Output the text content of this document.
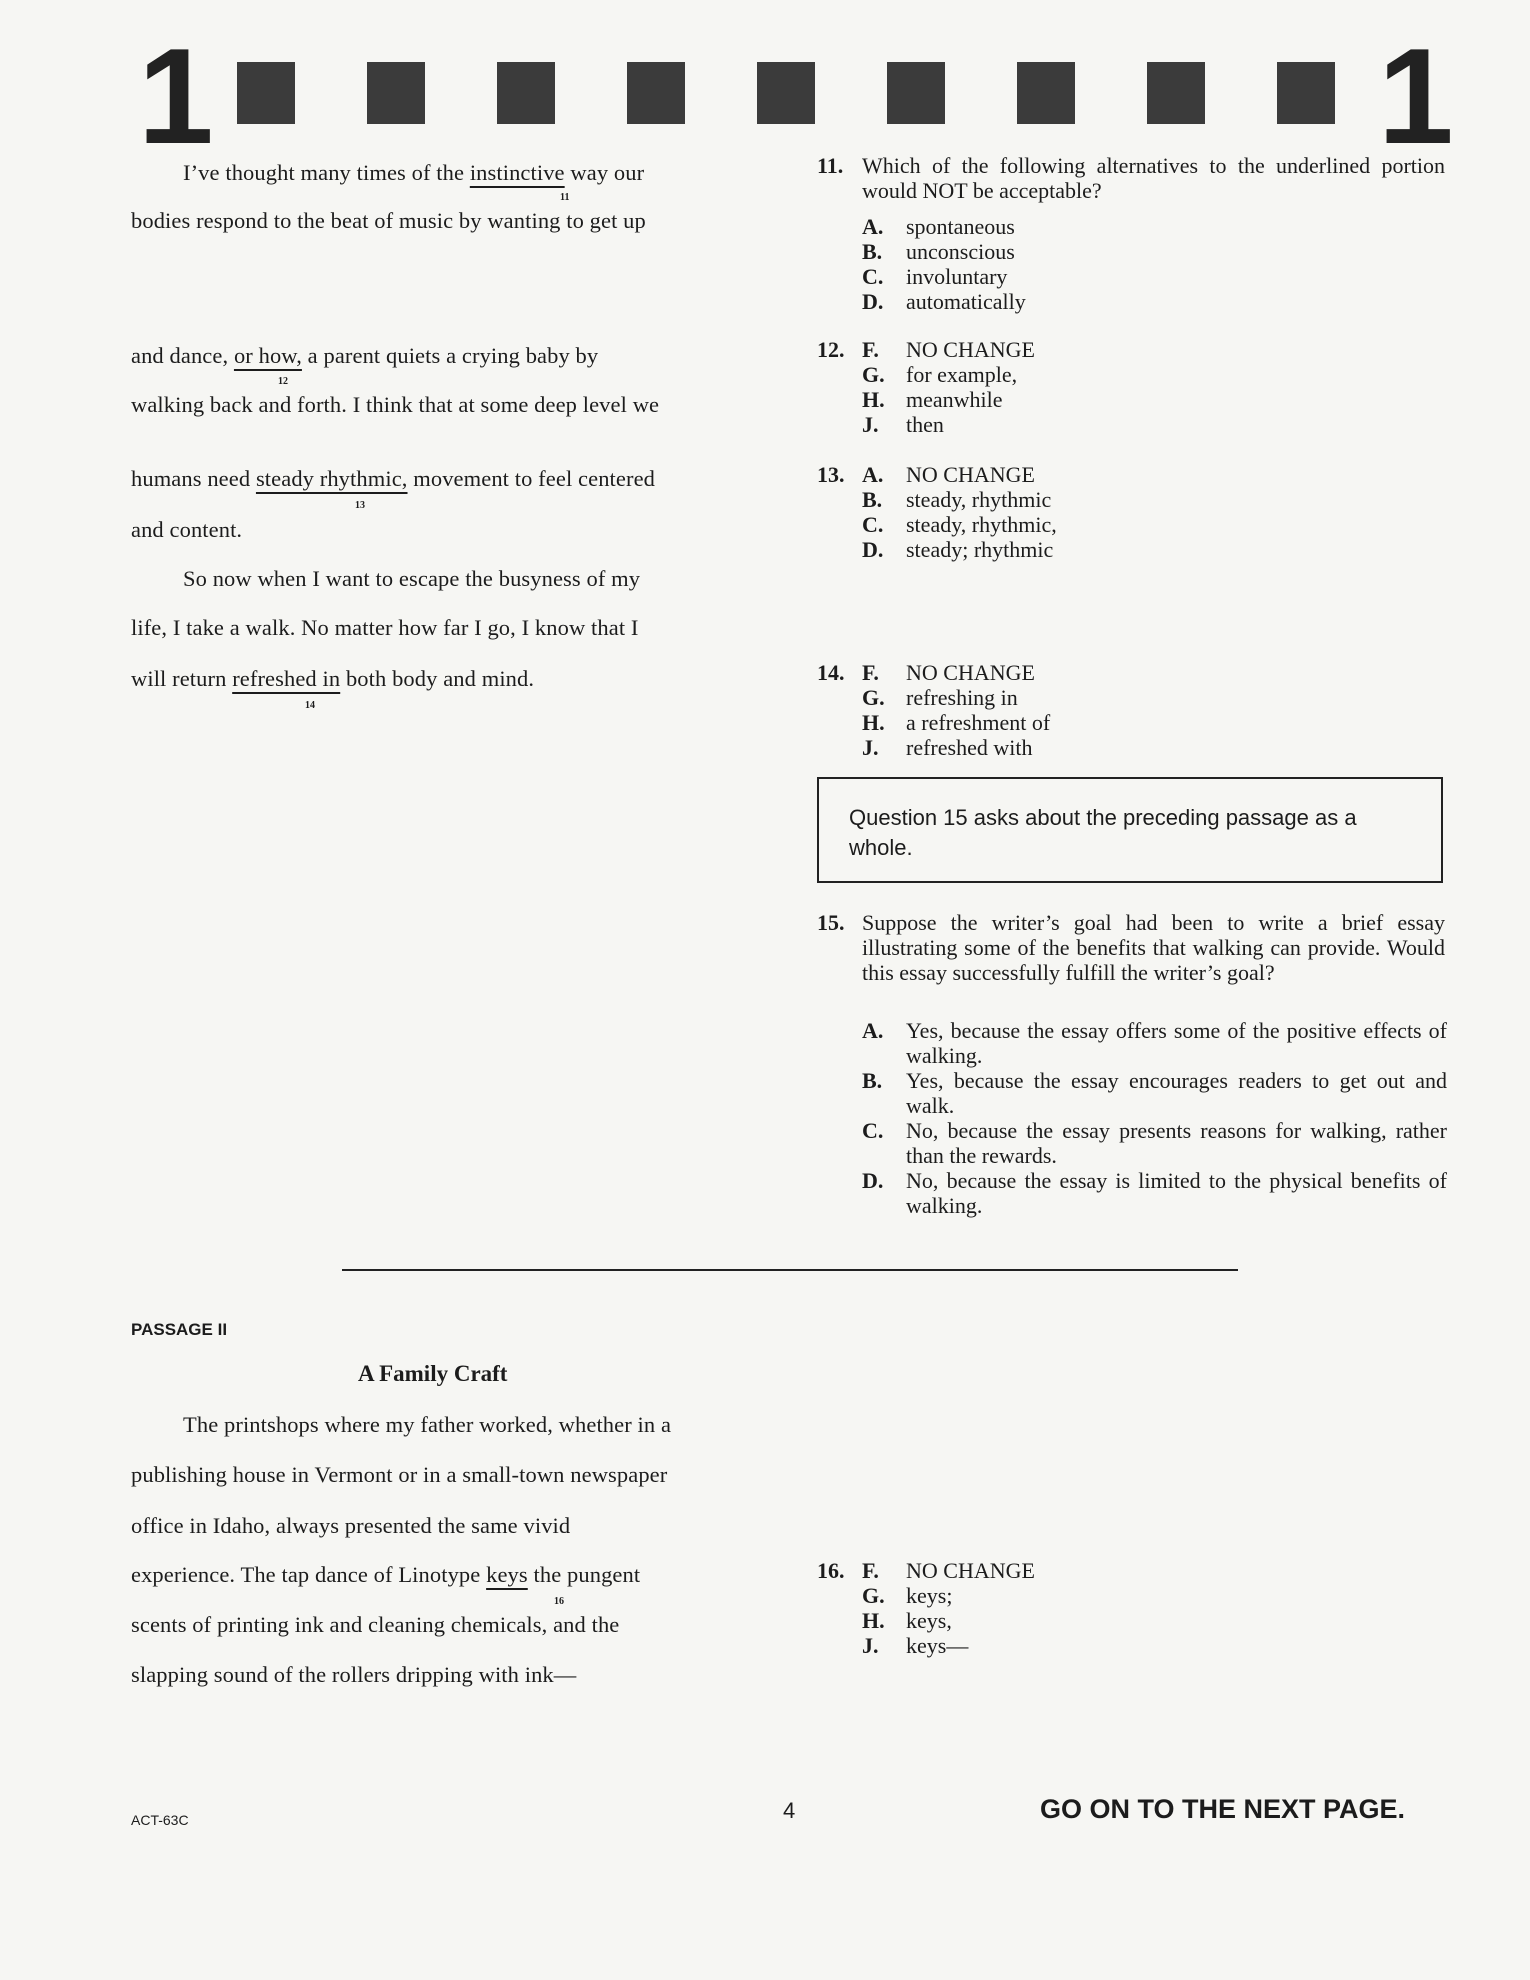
1	1
I’ve thought many times of the instinctive way our
11
bodies respond to the beat of music by wanting to get up
and dance, or how, a parent quiets a crying baby by
12
walking back and forth. I think that at some deep level we
humans need steady rhythmic, movement to feel centered
13
and content.
So now when I want to escape the busyness of my
life, I take a walk. No matter how far I go, I know that I
will return refreshed in both body and mind.
14
11. Which of the following alternatives to the underlined portion would NOT be acceptable?
A. spontaneous
B. unconscious
C. involuntary
D. automatically
12. F. NO CHANGE
G. for example,
H. meanwhile
J. then
13. A. NO CHANGE
B. steady, rhythmic
C. steady, rhythmic,
D. steady; rhythmic
14. F. NO CHANGE
G. refreshing in
H. a refreshment of
J. refreshed with
Question 15 asks about the preceding passage as a whole.
15. Suppose the writer’s goal had been to write a brief essay illustrating some of the benefits that walking can provide. Would this essay successfully fulfill the writer’s goal?
A. Yes, because the essay offers some of the positive effects of walking.
B. Yes, because the essay encourages readers to get out and walk.
C. No, because the essay presents reasons for walking, rather than the rewards.
D. No, because the essay is limited to the physical benefits of walking.
PASSAGE II
A Family Craft
The printshops where my father worked, whether in a
publishing house in Vermont or in a small-town newspaper
office in Idaho, always presented the same vivid
experience. The tap dance of Linotype keys the pungent
16
scents of printing ink and cleaning chemicals, and the
slapping sound of the rollers dripping with ink—
16. F. NO CHANGE
G. keys;
H. keys,
J. keys—
ACT-63C	4	GO ON TO THE NEXT PAGE.
